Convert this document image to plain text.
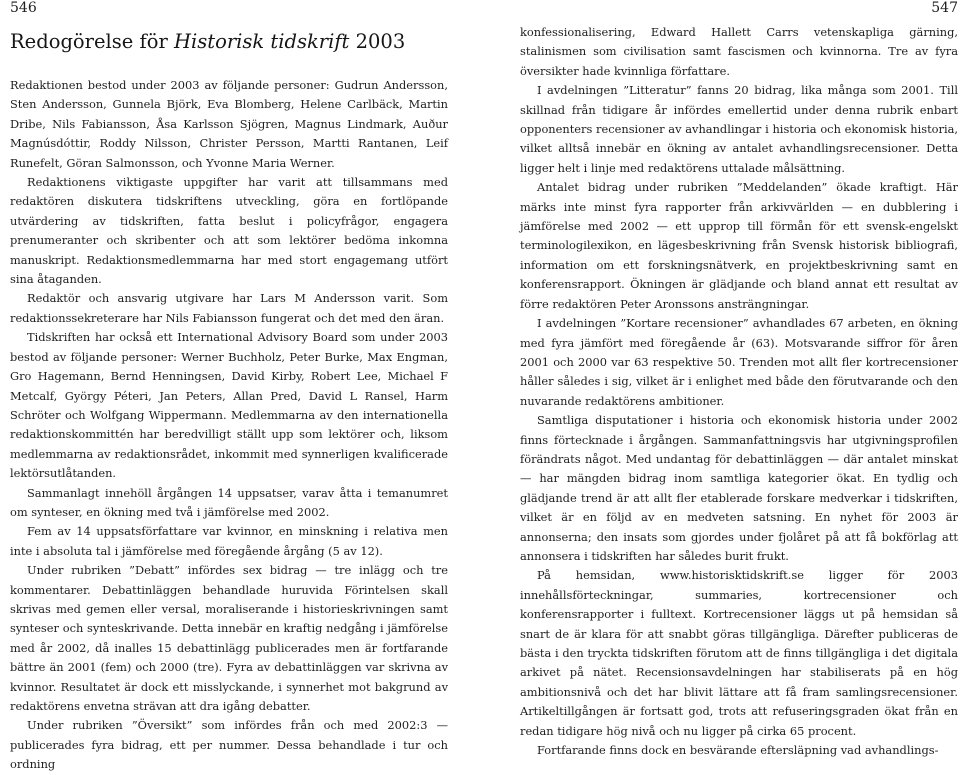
546
Redogörelse för Historisk tidskrift 2003

Redaktionen bestod under 2003 av följande personer: Gudrun Andersson, Sten Andersson, Gunnela Björk, Eva Blomberg, Helene Carlbäck, Martin Dribe, Nils Fabiansson, Åsa Karlsson Sjögren, Magnus Lindmark, Auður Magnúsdóttir, Roddy Nilsson, Christer Persson, Martti Rantanen, Leif Runefelt, Göran Salmonsson, och Yvonne Maria Werner.

Redaktionens viktigaste uppgifter har varit att tillsammans med redaktören diskutera tidskriftens utveckling, göra en fortlöpande utvärdering av tidskriften, fatta beslut i policyfrågor, engagera prenumeranter och skribenter och att som lektörer bedöma inkomna manuskript. Redaktionsmedlemmarna har med stort engagemang utfört sina åtaganden.

Redaktör och ansvarig utgivare har Lars M Andersson varit. Som redaktionssekreterare har Nils Fabiansson fungerat och det med den äran.

Tidskriften har också ett International Advisory Board som under 2003 bestod av följande personer: Werner Buchholz, Peter Burke, Max Engman, Gro Hagemann, Bernd Henningsen, David Kirby, Robert Lee, Michael F Metcalf, György Péteri, Jan Peters, Allan Pred, David L Ransel, Harm Schröter och Wolfgang Wippermann. Medlemmarna av den internationella redaktionskommittén har beredvilligt ställt upp som lektörer och, liksom medlemmarna av redaktionsrådet, inkommit med synnerligen kvalificerade lektörsutlåtanden.

Sammanlagt innehöll årgången 14 uppsatser, varav åtta i temanumret om synteser, en ökning med två i jämförelse med 2002.

Fem av 14 uppsatsförfattare var kvinnor, en minskning i relativa men inte i absoluta tal i jämförelse med föregående årgång (5 av 12).

Under rubriken ”Debatt” infördes sex bidrag — tre inlägg och tre kommentarer. Debattinläggen behandlade huruvida Förintelsen skall skrivas med gemen eller versal, moraliserande i historieskrivningen samt synteser och synteskrivande. Detta innebär en kraftig nedgång i jämförelse med år 2002, då inalles 15 debattinlägg publicerades men är fortfarande bättre än 2001 (fem) och 2000 (tre). Fyra av debattinläggen var skrivna av kvinnor. Resultatet är dock ett misslyckande, i synnerhet mot bakgrund av redaktörens envetna strävan att dra igång debatter.

Under rubriken ”Översikt” som infördes från och med 2002:3 — publicerades fyra bidrag, ett per nummer. Dessa behandlade i tur och ordning

547

konfessionalisering, Edward Hallett Carrs vetenskapliga gärning, stalinismen som civilisation samt fascismen och kvinnorna. Tre av fyra översikter hade kvinnliga författare.

I avdelningen ”Litteratur” fanns 20 bidrag, lika många som 2001. Till skillnad från tidigare år infördes emellertid under denna rubrik enbart opponenters recensioner av avhandlingar i historia och ekonomisk historia, vilket alltså innebär en ökning av antalet avhandlingsrecensioner. Detta ligger helt i linje med redaktörens uttalade målsättning.

Antalet bidrag under rubriken ”Meddelanden” ökade kraftigt. Här märks inte minst fyra rapporter från arkivvärlden — en dubblering i jämförelse med 2002 — ett upprop till förmån för ett svensk-engelskt terminologilexikon, en lägesbeskrivning från Svensk historisk bibliografi, information om ett forskningsnätverk, en projektbeskrivning samt en konferensrapport. Ökningen är glädjande och bland annat ett resultat av förre redaktören Peter Aronssons ansträngningar.

I avdelningen ”Kortare recensioner” avhandlades 67 arbeten, en ökning med fyra jämfört med föregående år (63). Motsvarande siffror för åren 2001 och 2000 var 63 respektive 50. Trenden mot allt fler kortrecensioner håller således i sig, vilket är i enlighet med både den förutvarande och den nuvarande redaktörens ambitioner.

Samtliga disputationer i historia och ekonomisk historia under 2002 finns förtecknade i årgången. Sammanfattningsvis har utgivningsprofilen förändrats något. Med undantag för debattinläggen — där antalet minskat — har mängden bidrag inom samtliga kategorier ökat. En tydlig och glädjande trend är att allt fler etablerade forskare medverkar i tidskriften, vilket är en följd av en medveten satsning. En nyhet för 2003 är annonserna; den insats som gjordes under fjolåret på att få bokförlag att annonsera i tidskriften har således burit frukt.

På hemsidan, www.historisktidskrift.se ligger för 2003 innehållsförteckningar, summaries, kortrecensioner och konferensrapporter i fulltext. Kortrecensioner läggs ut på hemsidan så snart de är klara för att snabbt göras tillgängliga. Därefter publiceras de bästa i den tryckta tidskriften förutom att de finns tillgängliga i det digitala arkivet på nätet. Recensionsavdelningen har stabiliserats på en hög ambitionsnivå och det har blivit lättare att få fram samlingsrecensioner. Artikeltillgången är fortsatt god, trots att refuseringsgraden ökat från en redan tidigare hög nivå och nu ligger på cirka 65 procent.

Fortfarande finns dock en besvärande eftersläpning vad avhandlings-
